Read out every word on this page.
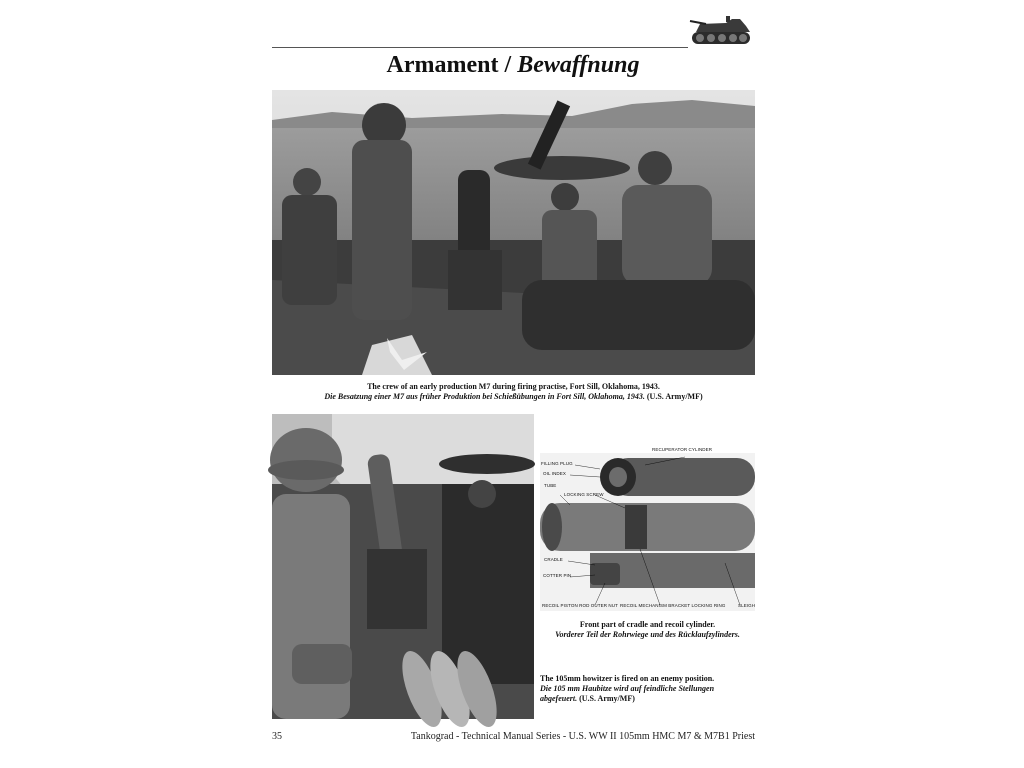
Armament / Bewaffnung
The crew of an early production M7 during firing practise, Fort Sill, Oklahoma, 1943.
Die Besatzung einer M7 aus früher Produktion bei Schießübungen in Fort Sill, Oklahoma, 1943. (U.S. Army/MF)
RECUPERATOR CYLINDER
FILLING PLUG
OIL INDEX
TUBE
LOCKING SCREW
CRADLE
COTTER PIN
RECOIL PISTON ROD OUTER NUT RECOIL MECHANISM BRACKET LOCKING RING	SLEIGH
Front part of cradle and recoil cylinder.
Vorderer Teil der Rohrwiege und des Rücklaufzylinders.
The 105mm howitzer is fired on an enemy position.
Die 105 mm Haubitze wird auf feindliche Stellungen
abgefeuert. (U.S. Army/MF)
35	Tankograd - Technical Manual Series - U.S. WW II 105mm HMC M7 & M7B1 Priest
